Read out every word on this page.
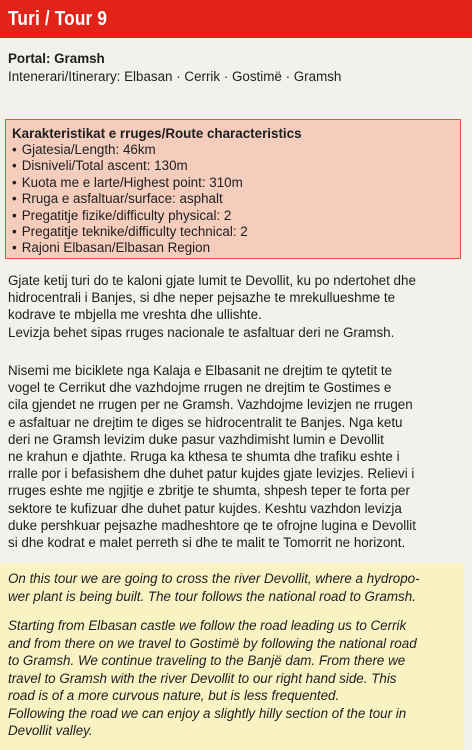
Turi / Tour 9
Portal: Gramsh
Intenerari/Itinerary: Elbasan · Cerrik · Gostimë · Gramsh
Karakteristikat e rruges/Route characteristics
• Gjatesia/Length: 46km
• Disniveli/Total ascent: 130m
• Kuota me e larte/Highest point: 310m
• Rruga e asfaltuar/surface: asphalt
• Pregatitje fizike/difficulty physical: 2
• Pregatitje teknike/difficulty technical: 2
• Rajoni Elbasan/Elbasan Region

Gjate ketij turi do te kaloni gjate lumit te Devollit, ku po ndertohet dhe
hidrocentrali i Banjes, si dhe neper pejsazhe te mrekullueshme te
kodrave te mbjella me vreshta dhe ullishte.
Levizja behet sipas rruges nacionale te asfaltuar deri ne Gramsh.

Nisemi me biciklete nga Kalaja e Elbasanit ne drejtim te qytetit te
vogel te Cerrikut dhe vazhdojme rrugen ne drejtim te Gostimes e
cila gjendet ne rrugen per ne Gramsh. Vazhdojme levizjen ne rrugen
e asfaltuar ne drejtim te diges se hidrocentralit te Banjes. Nga ketu
deri ne Gramsh levizim duke pasur vazhdimisht lumin e Devollit
ne krahun e djathte. Rruga ka kthesa te shumta dhe trafiku eshte i
rralle por i befasishem dhe duhet patur kujdes gjate levizjes. Relievi i
rruges eshte me ngjitje e zbritje te shumta, shpesh teper te forta per
sektore te kufizuar dhe duhet patur kujdes. Keshtu vazhdon levizja
duke pershkuar pejsazhe madheshtore qe te ofrojne lugina e Devollit
si dhe kodrat e malet perreth si dhe te malit te Tomorrit ne horizont.

On this tour we are going to cross the river Devollit, where a hydropo-
wer plant is being built. The tour follows the national road to Gramsh.

Starting from Elbasan castle we follow the road leading us to Cerrik
and from there on we travel to Gostimë by following the national road
to Gramsh. We continue traveling to the Banjë dam. From there we
travel to Gramsh with the river Devollit to our right hand side. This
road is of a more curvous nature, but is less frequented.
Following the road we can enjoy a slightly hilly section of the tour in
Devollit valley.
